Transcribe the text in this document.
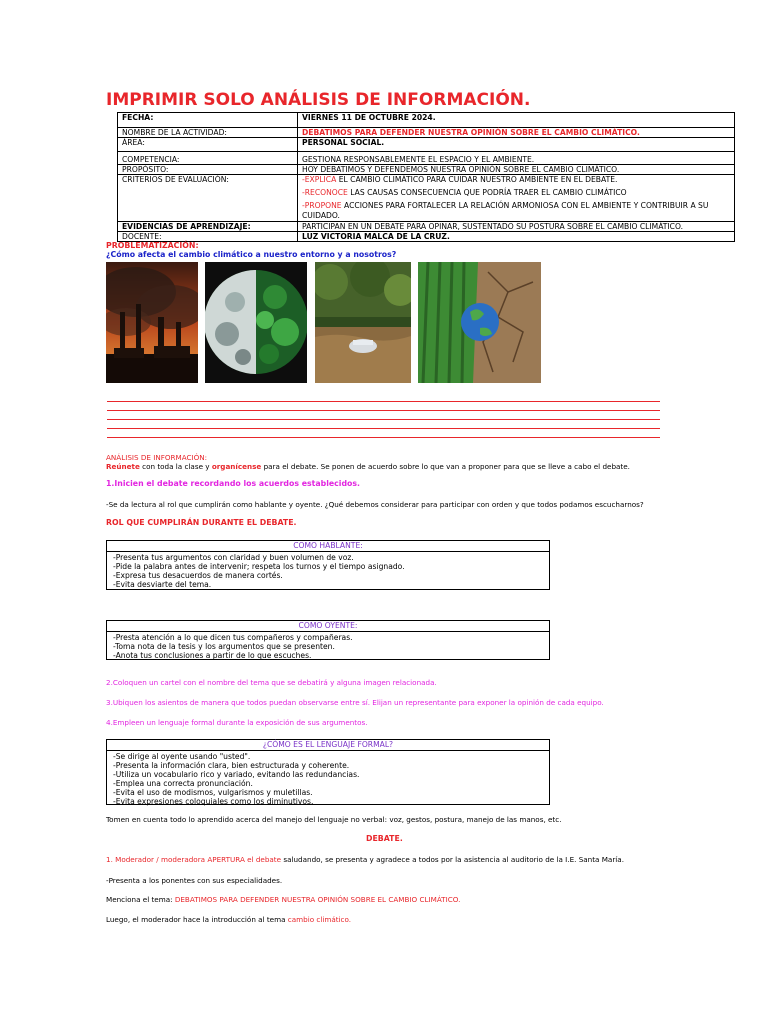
IMPRIMIR SOLO ANÁLISIS DE INFORMACIÓN.
FECHA:	VIERNES 11 DE OCTUBRE 2024.
NOMBRE DE LA ACTIVIDAD:	DEBATIMOS PARA DEFENDER NUESTRA OPINIÓN SOBRE EL CAMBIO CLIMÁTICO.
ÁREA:	PERSONAL SOCIAL.
COMPETENCIA:	GESTIONA RESPONSABLEMENTE EL ESPACIO Y EL AMBIENTE.
PROPÓSITO:	HOY DEBATIMOS Y DEFENDEMOS NUESTRA OPINIÓN SOBRE EL CAMBIO CLIMÁTICO.
CRITERIOS DE EVALUACIÓN:	-EXPLICA EL CAMBIO CLIMÁTICO PARA CUIDAR NUESTRO AMBIENTE EN EL DEBATE.
-RECONOCE LAS CAUSAS CONSECUENCIA QUE PODRÍA TRAER EL CAMBIO CLIMÁTICO
-PROPONE ACCIONES PARA FORTALECER LA RELACIÓN ARMONIOSA CON EL AMBIENTE Y CONTRIBUIR A SU CUIDADO.

EVIDENCIAS DE APRENDIZAJE:	PARTICIPAN EN UN DEBATE PARA OPINAR, SUSTENTADO SU POSTURA SOBRE EL CAMBIO CLIMÁTICO.
DOCENTE:	LUZ VICTORIA MALCA DE LA CRUZ.
PROBLEMATIZACIÓN:
¿Cómo afecta el cambio climático a nuestro entorno y a nosotros?
ANÁLISIS DE INFORMACIÓN:
Reúnete con toda la clase y organícense para el debate. Se ponen de acuerdo sobre lo que van a proponer para que se lleve a cabo el debate.
1.Inicien el debate recordando los acuerdos establecidos.
-Se da lectura al rol que cumplirán como hablante y oyente. ¿Qué debemos considerar para participar con orden y que todos podamos escucharnos?
ROL QUE CUMPLIRÁN DURANTE EL DEBATE.
COMO HABLANTE:
-Presenta tus argumentos con claridad y buen volumen de voz.
-Pide la palabra antes de intervenir; respeta los turnos y el tiempo asignado.
-Expresa tus desacuerdos de manera cortés.
-Evita desviarte del tema.
COMO OYENTE:
-Presta atención a lo que dicen tus compañeros y compañeras.
-Toma nota de la tesis y los argumentos que se presenten.
-Anota tus conclusiones a partir de lo que escuches.
2.Coloquen un cartel con el nombre del tema que se debatirá y alguna imagen relacionada.
3.Ubiquen los asientos de manera que todos puedan observarse entre sí. Elijan un representante para exponer la opinión de cada equipo.
4.Empleen un lenguaje formal durante la exposición de sus argumentos.
¿CÓMO ES EL LENGUAJE FORMAL?
-Se dirige al oyente usando "usted".
-Presenta la información clara, bien estructurada y coherente.
-Utiliza un vocabulario rico y variado, evitando las redundancias.
-Emplea una correcta pronunciación.
-Evita el uso de modismos, vulgarismos y muletillas.
-Evita expresiones coloquiales como los diminutivos.
Tomen en cuenta todo lo aprendido acerca del manejo del lenguaje no verbal: voz, gestos, postura, manejo de las manos, etc.
DEBATE.
1. Moderador / moderadora APERTURA el debate saludando, se presenta y agradece a todos por la asistencia al auditorio de la I.E. Santa María.
-Presenta a los ponentes con sus especialidades.
Menciona el tema: DEBATIMOS PARA DEFENDER NUESTRA OPINIÓN SOBRE EL CAMBIO CLIMÁTICO.
Luego, el moderador hace la introducción al tema cambio climático.
